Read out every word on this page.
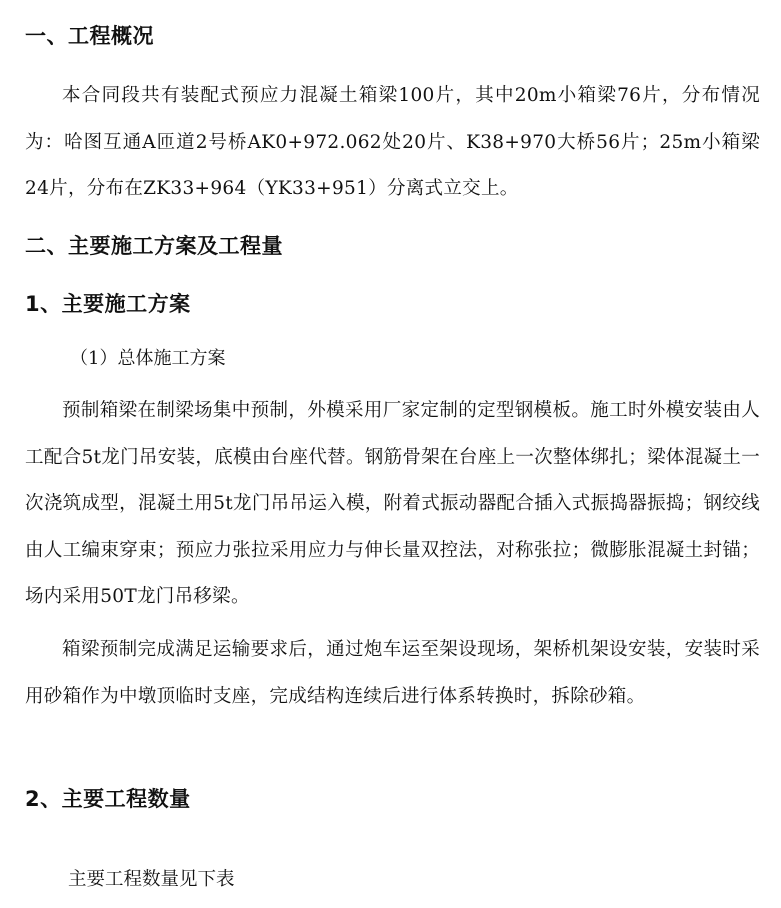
一、工程概况

本合同段共有装配式预应力混凝土箱梁100片，其中20m小箱梁76片，分布情况为：哈图互通A匝道2号桥AK0+972.062处20片、K38+970大桥56片；25m小箱梁24片，分布在ZK33+964（YK33+951）分离式立交上。

二、主要施工方案及工程量
1、主要施工方案

（1）总体施工方案

预制箱梁在制梁场集中预制，外模采用厂家定制的定型钢模板。施工时外模安装由人工配合5t龙门吊安装，底模由台座代替。钢筋骨架在台座上一次整体绑扎；梁体混凝土一次浇筑成型，混凝土用5t龙门吊吊运入模，附着式振动器配合插入式振捣器振捣；钢绞线由人工编束穿束；预应力张拉采用应力与伸长量双控法，对称张拉；微膨胀混凝土封锚；场内采用50T龙门吊移梁。

箱梁预制完成满足运输要求后，通过炮车运至架设现场，架桥机架设安装，安装时采用砂箱作为中墩顶临时支座，完成结构连续后进行体系转换时，拆除砂箱。

2、主要工程数量

主要工程数量见下表
